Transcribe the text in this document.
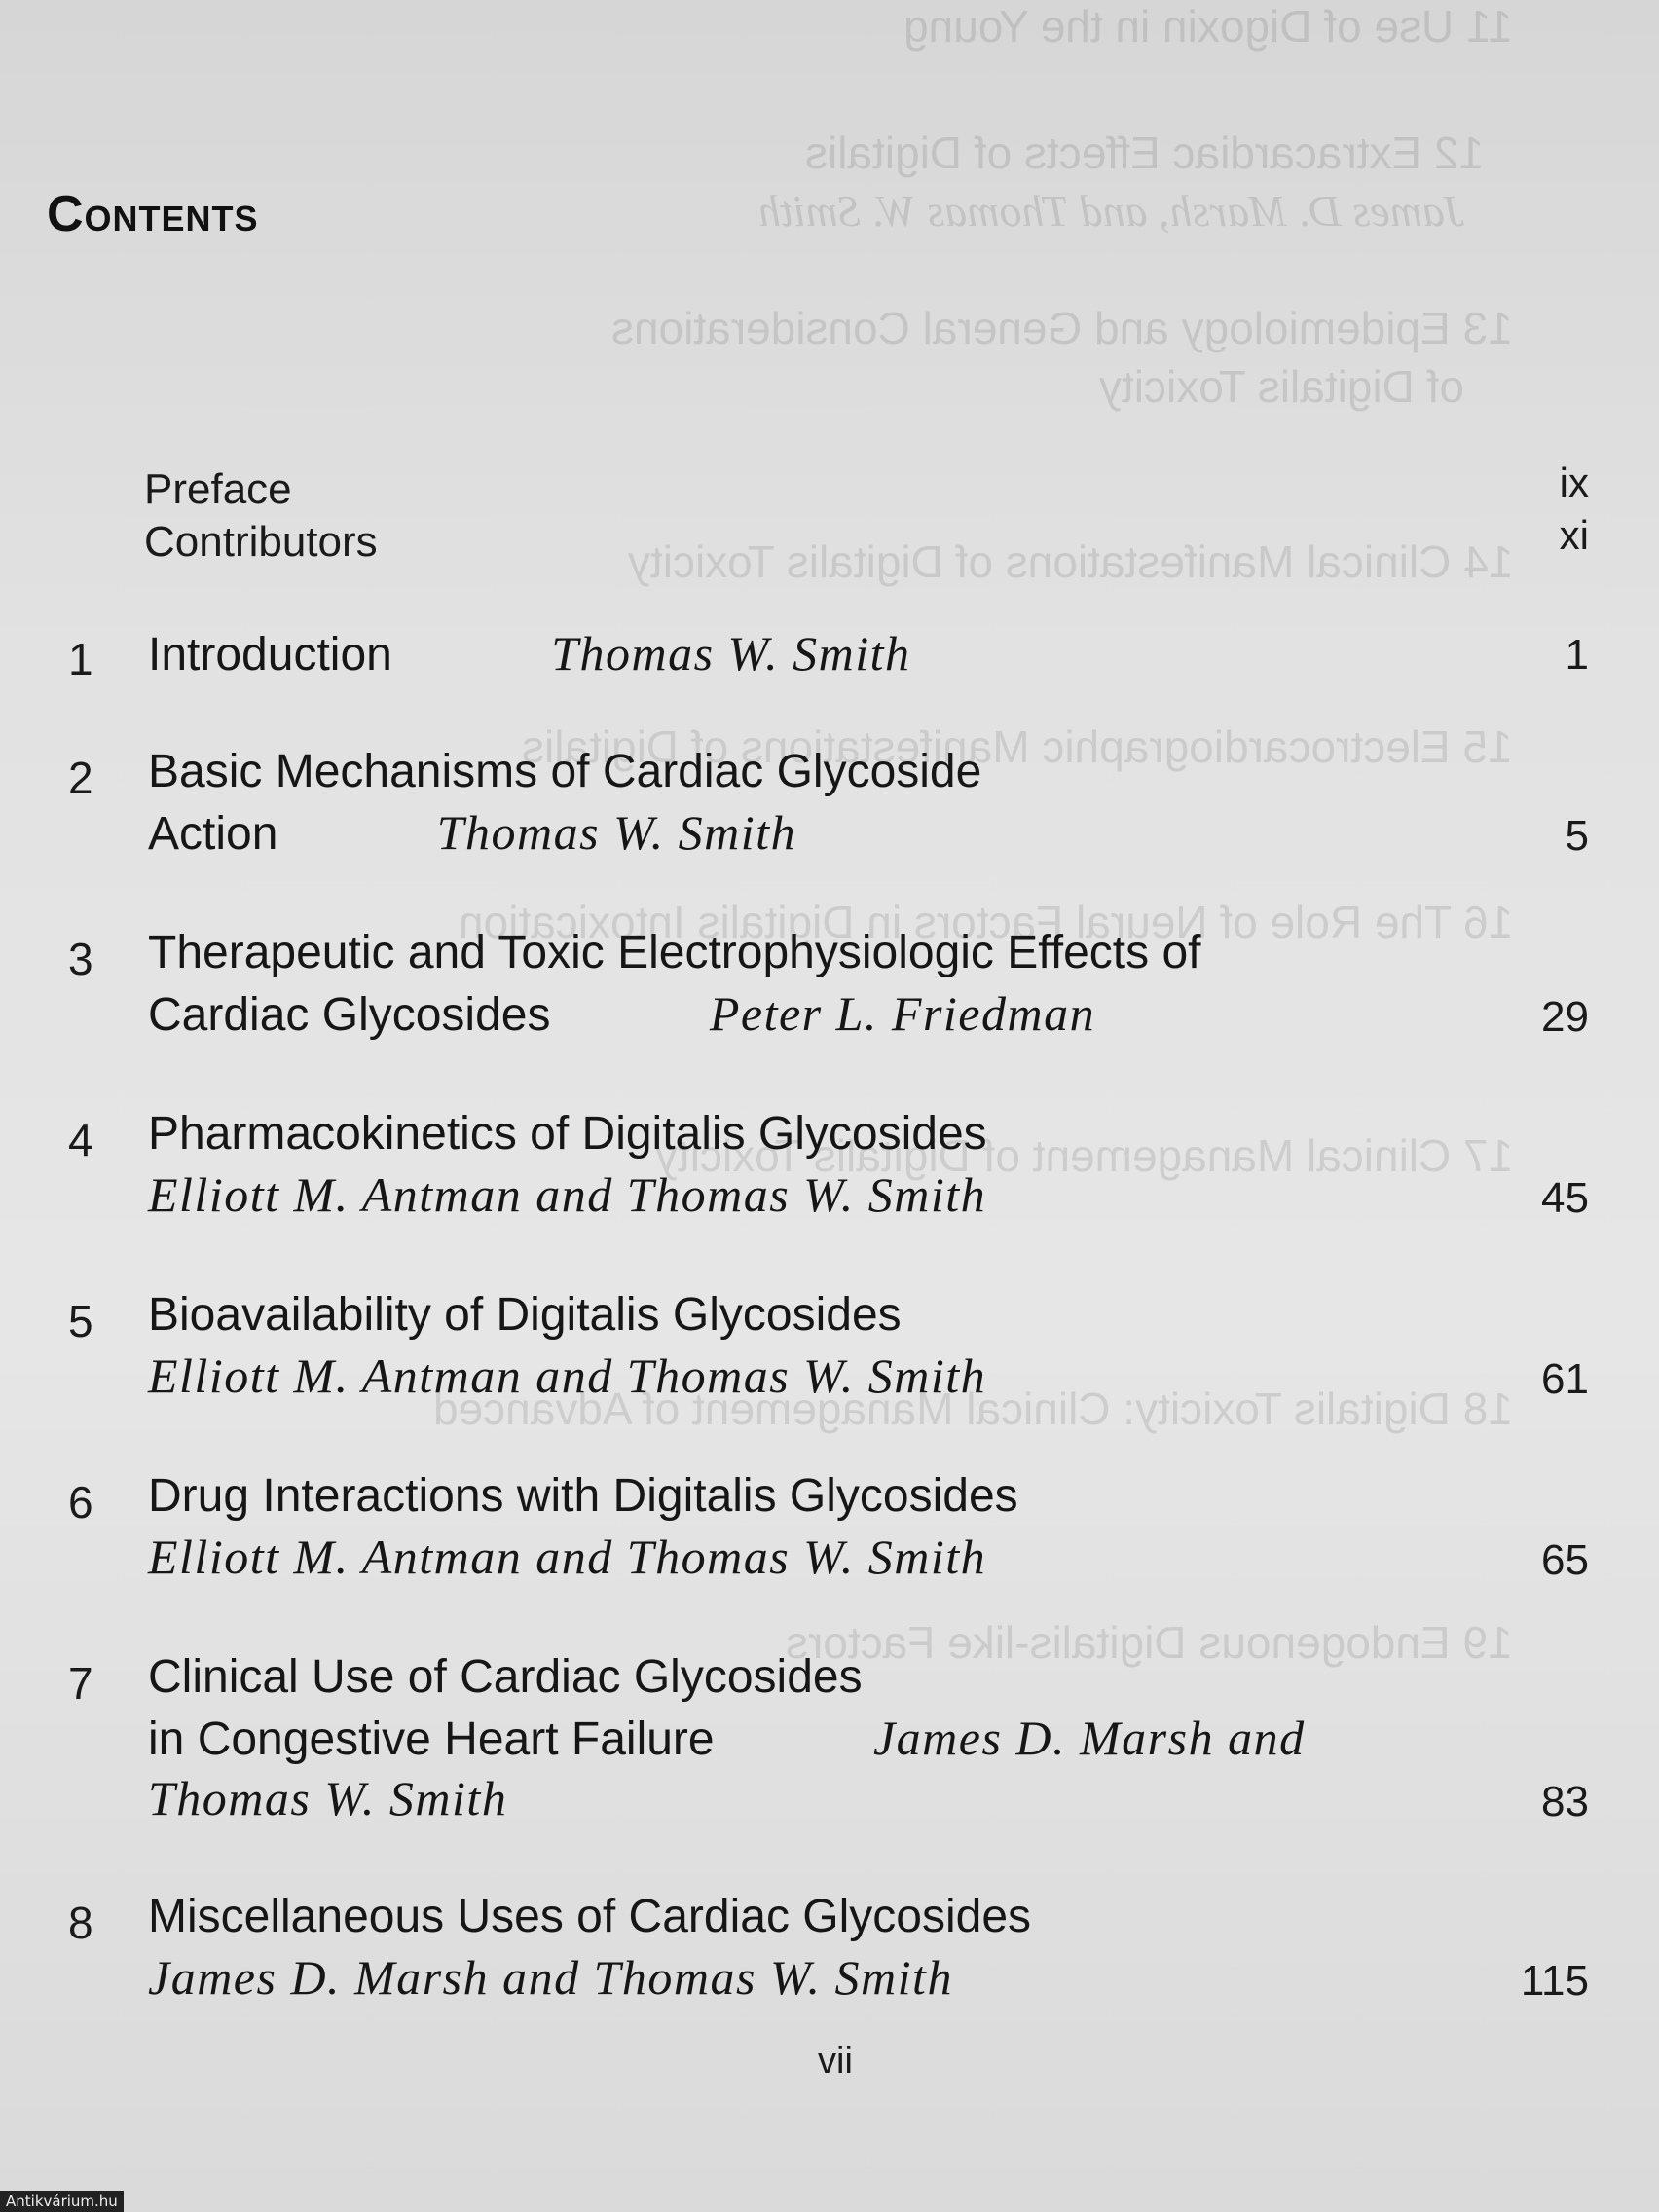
11 Use of Digoxin in the Young
12 Extracardiac Effects of Digitalis
James D. Marsh, and Thomas W. Smith
13 Epidemiology and General Considerations
of Digitalis Toxicity
14 Clinical Manifestations of Digitalis Toxicity
15 Electrocardiographic Manifestations of Digitalis
16 The Role of Neural Factors in Digitalis Intoxication
17 Clinical Management of Digitalis Toxicity
18 Digitalis Toxicity: Clinical Management of Advanced
19 Endogenous Digitalis-like Factors
Contents
Preface	ix
Contributors	xi
1 Introduction	Thomas W. Smith	1
2 Basic Mechanisms of Cardiac Glycoside
Action	Thomas W. Smith	5
3 Therapeutic and Toxic Electrophysiologic Effects of
Cardiac Glycosides	Peter L. Friedman	29
4 Pharmacokinetics of Digitalis Glycosides
Elliott M. Antman and Thomas W. Smith	45
5 Bioavailability of Digitalis Glycosides
Elliott M. Antman and Thomas W. Smith	61
6 Drug Interactions with Digitalis Glycosides
Elliott M. Antman and Thomas W. Smith	65
7 Clinical Use of Cardiac Glycosides
in Congestive Heart Failure	James D. Marsh and
Thomas W. Smith	83
8 Miscellaneous Uses of Cardiac Glycosides
James D. Marsh and Thomas W. Smith	115
vii
Antikvárium.hu
